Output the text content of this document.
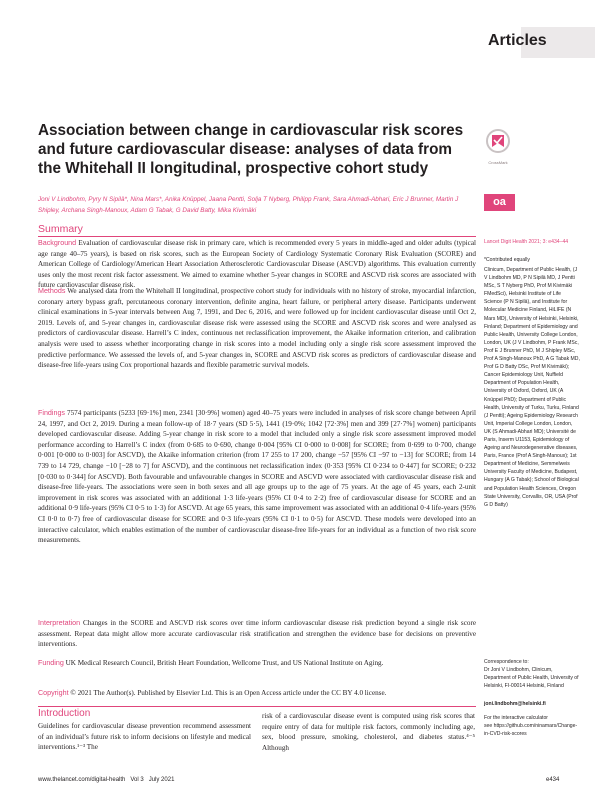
Articles
Association between change in cardiovascular risk scores and future cardiovascular disease: analyses of data from the Whitehall II longitudinal, prospective cohort study	CrossMark
oa
Joni V Lindbohm, Pyry N Sipilä*, Nina Mars*, Anika Knüppel, Jaana Pentti, Solja T Nyberg, Philipp Frank, Sara Ahmadi-Abhari, Eric J Brunner, Martin J Shipley, Archana Singh-Manoux, Adam G Tabak, G David Batty, Mika Kivimäki
Summary
Background Evaluation of cardiovascular disease risk in primary care, which is recommended every 5 years in middle-aged and older adults (typical age range 40–75 years), is based on risk scores, such as the European Society of Cardiology Systematic Coronary Risk Evaluation (SCORE) and American College of Cardiology/American Heart Association Atherosclerotic Cardiovascular Disease (ASCVD) algorithms. This evaluation currently uses only the most recent risk factor assessment. We aimed to examine whether 5-year changes in SCORE and ASCVD risk scores are associated with future cardiovascular disease risk.
Methods We analysed data from the Whitehall II longitudinal, prospective cohort study for individuals with no history of stroke, myocardial infarction, coronary artery bypass graft, percutaneous coronary intervention, definite angina, heart failure, or peripheral artery disease. Participants underwent clinical examinations in 5-year intervals between Aug 7, 1991, and Dec 6, 2016, and were followed up for incident cardiovascular disease until Oct 2, 2019. Levels of, and 5-year changes in, cardiovascular disease risk were assessed using the SCORE and ASCVD risk scores and were analysed as predictors of cardiovascular disease. Harrell’s C index, continuous net reclassification improvement, the Akaike information criterion, and calibration analysis were used to assess whether incorporating change in risk scores into a model including only a single risk score assessment improved the predictive performance. We assessed the levels of, and 5-year changes in, SCORE and ASCVD risk scores as predictors of cardiovascular disease and disease-free life-years using Cox proportional hazards and flexible parametric survival models.
Findings 7574 participants (5233 [69·1%] men, 2341 [30·9%] women) aged 40–75 years were included in analyses of risk score change between April 24, 1997, and Oct 2, 2019. During a mean follow-up of 18·7 years (SD 5·5), 1441 (19·0%; 1042 [72·3%] men and 399 [27·7%] women) participants developed cardiovascular disease. Adding 5-year change in risk score to a model that included only a single risk score assessment improved model performance according to Harrell’s C index (from 0·685 to 0·690, change 0·004 [95% CI 0·000 to 0·008] for SCORE; from 0·699 to 0·700, change 0·001 [0·000 to 0·003] for ASCVD), the Akaike information criterion (from 17 255 to 17 200, change −57 [95% CI −97 to −13] for SCORE; from 14 739 to 14 729, change −10 [−28 to 7] for ASCVD), and the continuous net reclassification index (0·353 [95% CI 0·234 to 0·447] for SCORE; 0·232 [0·030 to 0·344] for ASCVD). Both favourable and unfavourable changes in SCORE and ASCVD were associated with cardiovascular disease risk and disease-free life-years. The associations were seen in both sexes and all age groups up to the age of 75 years. At the age of 45 years, each 2-unit improvement in risk scores was associated with an additional 1·3 life-years (95% CI 0·4 to 2·2) free of cardiovascular disease for SCORE and an additional 0·9 life-years (95% CI 0·5 to 1·3) for ASCVD. At age 65 years, this same improvement was associated with an additional 0·4 life-years (95% CI 0·0 to 0·7) free of cardiovascular disease for SCORE and 0·3 life-years (95% CI 0·1 to 0·5) for ASCVD. These models were developed into an interactive calculator, which enables estimation of the number of cardiovascular disease-free life-years for an individual as a function of two risk score measurements.
Interpretation Changes in the SCORE and ASCVD risk scores over time inform cardiovascular disease risk prediction beyond a single risk score assessment. Repeat data might allow more accurate cardiovascular risk stratification and strengthen the evidence base for decisions on preventive interventions.
Funding UK Medical Research Council, British Heart Foundation, Wellcome Trust, and US National Institute on Aging.
Copyright © 2021 The Author(s). Published by Elsevier Ltd. This is an Open Access article under the CC BY 4.0 license.
Introduction
Guidelines for cardiovascular disease prevention recommend assessment of an individual’s future risk to inform decisions on lifestyle and medical interventions.¹⁻³ The
risk of a cardiovascular disease event is computed using risk scores that require entry of data for multiple risk factors, commonly including age, sex, blood pressure, smoking, cholesterol, and diabetes status.⁴⁻⁵ Although
Lancet Digit Health 2021; 3: e434–44
*Contributed equally
Clinicum, Department of Public Health, (J V Lindbohm MD, P N Sipilä MD, J Pentti MSc, S T Nyberg PhD, Prof M Kivimäki FMedSci), Helsinki Institute of Life Science (P N Sipilä), and Institute for Molecular Medicine Finland, HiLIFE (N Mars MD), University of Helsinki, Helsinki, Finland; Department of Epidemiology and Public Health, University College London, London, UK (J V Lindbohm, P Frank MSc, Prof E J Brunner PhD, M J Shipley MSc, Prof A Singh-Manoux PhD, A G Tabak MD, Prof G D Batty DSc, Prof M Kivimäki); Cancer Epidemiology Unit, Nuffield Department of Population Health, University of Oxford, Oxford, UK (A Knüppel PhD); Department of Public Health, University of Turku, Turku, Finland (J Pentti); Ageing Epidemiology Research Unit, Imperial College London, London, UK (S Ahmadi-Abhari MD); Université de Paris, Inserm U1153, Epidemiology of Ageing and Neurodegenerative diseases, Paris, France (Prof A Singh-Manoux); 1st Department of Medicine, Semmelweis University Faculty of Medicine, Budapest, Hungary (A G Tabak); School of Biological and Population Health Sciences, Oregon State University, Corvallis, OR, USA (Prof G D Batty)
Correspondence to:
Dr Joni V Lindbohm, Clinicum, Department of Public Health, University of Helsinki, FI-00014 Helsinki, Finland
joni.lindbohm@helsinki.fi
For the interactive calculator
see https://github.com/ninamars/Change-in-CVD-risk-scores
www.thelancet.com/digital-health   Vol 3   July 2021	e434
